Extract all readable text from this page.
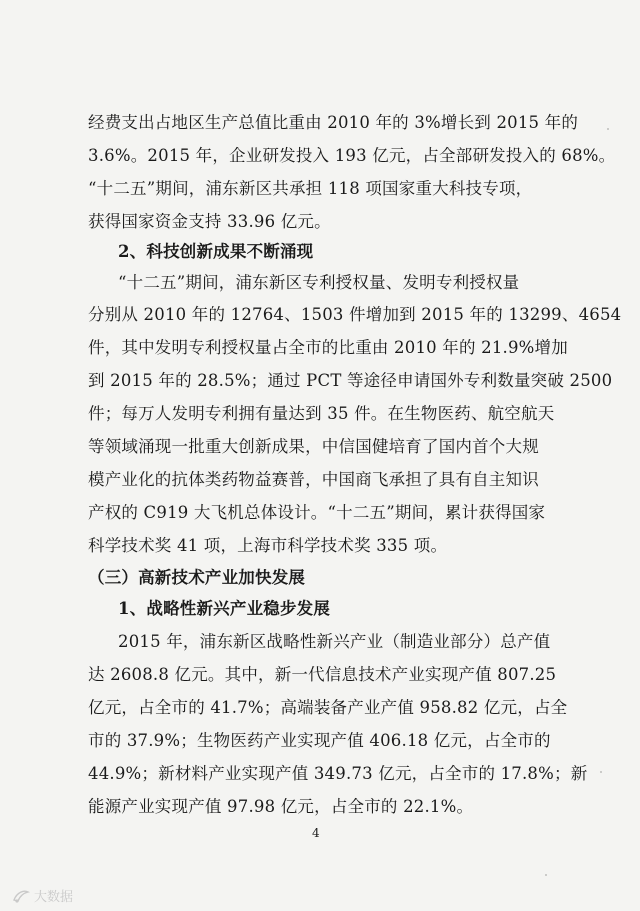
经费支出占地区生产总值比重由 2010 年的 3%增长到 2015 年的
3.6%。2015 年，企业研发投入 193 亿元，占全部研发投入的 68%。
“十二五”期间，浦东新区共承担 118 项国家重大科技专项，
获得国家资金支持 33.96 亿元。
2、科技创新成果不断涌现
“十二五”期间，浦东新区专利授权量、发明专利授权量
分别从 2010 年的 12764、1503 件增加到 2015 年的 13299、4654
件，其中发明专利授权量占全市的比重由 2010 年的 21.9%增加
到 2015 年的 28.5%；通过 PCT 等途径申请国外专利数量突破 2500
件；每万人发明专利拥有量达到 35 件。在生物医药、航空航天
等领域涌现一批重大创新成果，中信国健培育了国内首个大规
模产业化的抗体类药物益赛普，中国商飞承担了具有自主知识
产权的 C919 大飞机总体设计。“十二五”期间，累计获得国家
科学技术奖 41 项，上海市科学技术奖 335 项。
（三）高新技术产业加快发展
1、战略性新兴产业稳步发展
2015 年，浦东新区战略性新兴产业（制造业部分）总产值
达 2608.8 亿元。其中，新一代信息技术产业实现产值 807.25
亿元，占全市的 41.7%；高端装备产业产值 958.82 亿元，占全
市的 37.9%；生物医药产业实现产值 406.18 亿元，占全市的
44.9%；新材料产业实现产值 349.73 亿元，占全市的 17.8%；新
能源产业实现产值 97.98 亿元，占全市的 22.1%。
4
大数据
